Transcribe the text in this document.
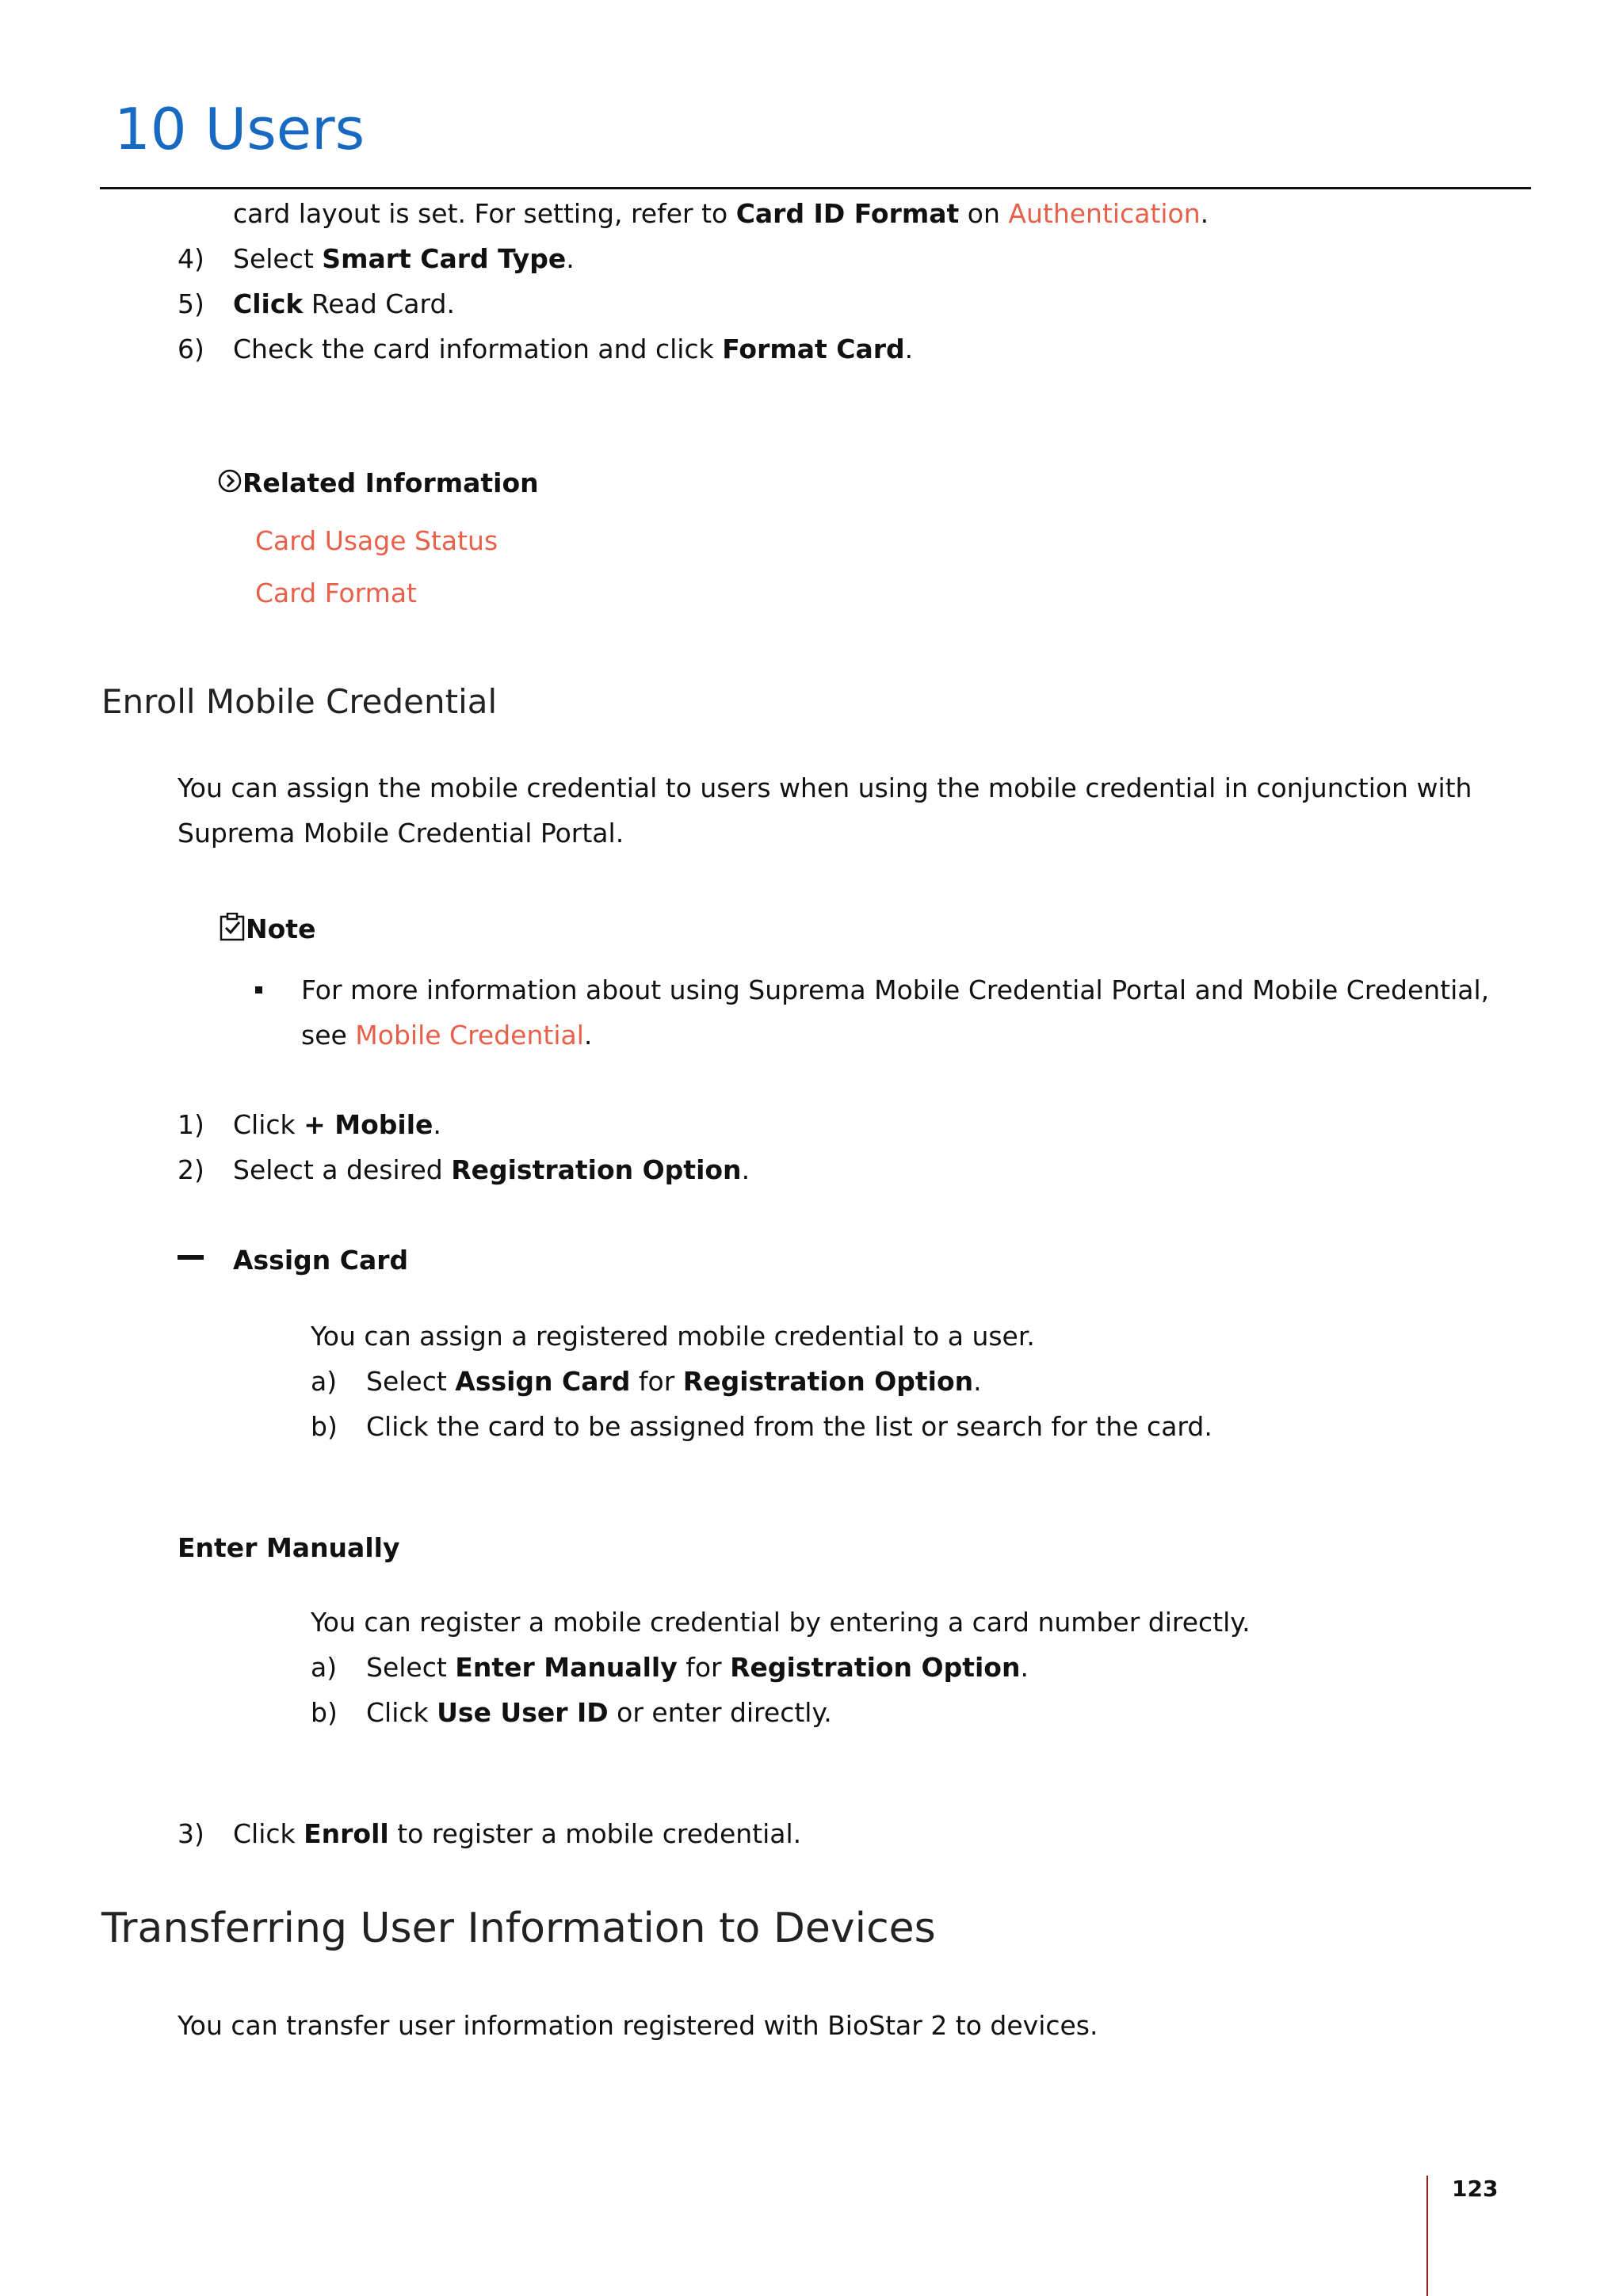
10 Users
card layout is set. For setting, refer to Card ID Format on Authentication.
4) Select Smart Card Type.
5) Click Read Card.
6) Check the card information and click Format Card.
Related Information
Card Usage Status
Card Format
Enroll Mobile Credential
You can assign the mobile credential to users when using the mobile credential in conjunction with
Suprema Mobile Credential Portal.
Note
For more information about using Suprema Mobile Credential Portal and Mobile Credential,
see Mobile Credential.
1) Click + Mobile.
2) Select a desired Registration Option.
Assign Card
You can assign a registered mobile credential to a user.
a) Select Assign Card for Registration Option.
b) Click the card to be assigned from the list or search for the card.
Enter Manually
You can register a mobile credential by entering a card number directly.
a) Select Enter Manually for Registration Option.
b) Click Use User ID or enter directly.
3) Click Enroll to register a mobile credential.
Transferring User Information to Devices
You can transfer user information registered with BioStar 2 to devices.
123
